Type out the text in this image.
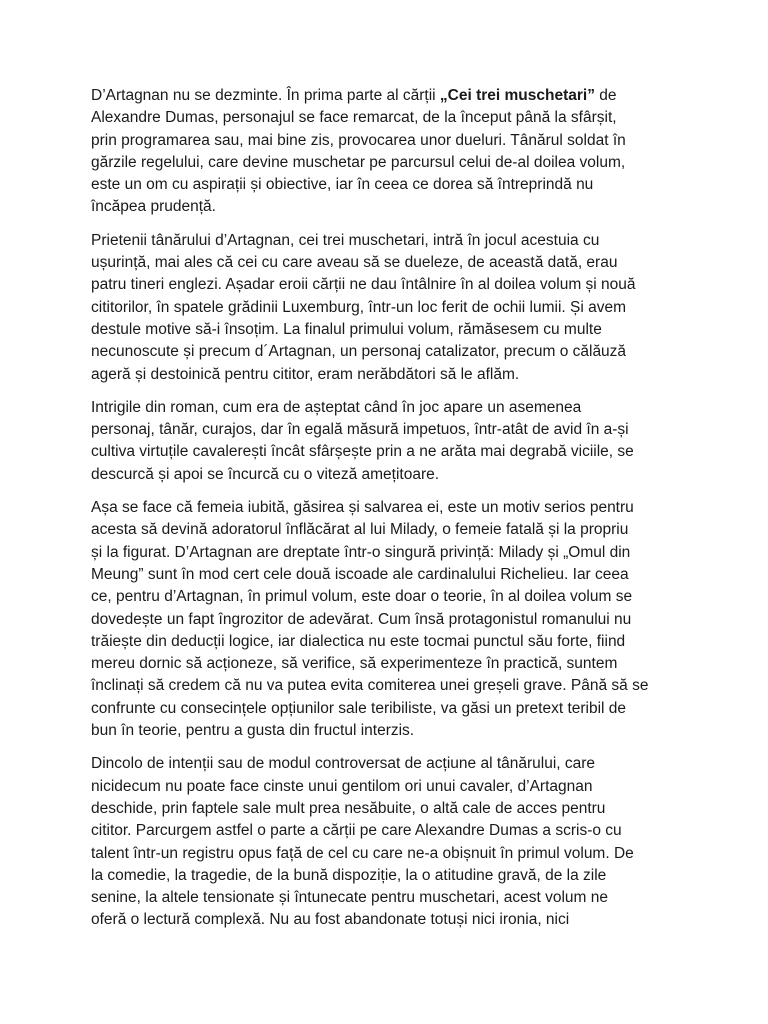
D’Artagnan nu se dezminte. În prima parte al cărții „Cei trei muschetari” de
Alexandre Dumas, personajul se face remarcat, de la început până la sfârșit,
prin programarea sau, mai bine zis, provocarea unor dueluri. Tânărul soldat în
gărzile regelului, care devine muschetar pe parcursul celui de-al doilea volum,
este un om cu aspirații și obiective, iar în ceea ce dorea să întreprindă nu
încăpea prudență.

Prietenii tânărului d’Artagnan, cei trei muschetari, intră în jocul acestuia cu
ușurință, mai ales că cei cu care aveau să se dueleze, de această dată, erau
patru tineri englezi. Așadar eroii cărții ne dau întâlnire în al doilea volum și nouă
cititorilor, în spatele grădinii Luxemburg, într-un loc ferit de ochii lumii. Și avem
destule motive să-i însoțim. La finalul primului volum, rămăsesem cu multe
necunoscute și precum d´Artagnan, un personaj catalizator, precum o călăuză
ageră și destoinică pentru cititor, eram nerăbdători să le aflăm.

Intrigile din roman, cum era de așteptat când în joc apare un asemenea
personaj, tânăr, curajos, dar în egală măsură impetuos, într-atât de avid în a-și
cultiva virtuțile cavalerești încât sfârșește prin a ne arăta mai degrabă viciile, se
descurcă și apoi se încurcă cu o viteză amețitoare.

Așa se face că femeia iubită, găsirea și salvarea ei, este un motiv serios pentru
acesta să devină adoratorul înflăcărat al lui Milady, o femeie fatală și la propriu
și la figurat. D’Artagnan are dreptate într-o singură privință: Milady și „Omul din
Meung” sunt în mod cert cele două iscoade ale cardinalului Richelieu. Iar ceea
ce, pentru d’Artagnan, în primul volum, este doar o teorie, în al doilea volum se
dovedește un fapt îngrozitor de adevărat. Cum însă protagonistul romanului nu
trăiește din deducții logice, iar dialectica nu este tocmai punctul său forte, fiind
mereu dornic să acționeze, să verifice, să experimenteze în practică, suntem
înclinați să credem că nu va putea evita comiterea unei greșeli grave. Până să se
confrunte cu consecințele opțiunilor sale teribiliste, va găsi un pretext teribil de
bun în teorie, pentru a gusta din fructul interzis.

Dincolo de intenții sau de modul controversat de acțiune al tânărului, care
nicidecum nu poate face cinste unui gentilom ori unui cavaler, d’Artagnan
deschide, prin faptele sale mult prea nesăbuite, o altă cale de acces pentru
cititor. Parcurgem astfel o parte a cărții pe care Alexandre Dumas a scris-o cu
talent într-un registru opus față de cel cu care ne-a obișnuit în primul volum. De
la comedie, la tragedie, de la bună dispoziție, la o atitudine gravă, de la zile
senine, la altele tensionate și întunecate pentru muschetari, acest volum ne
oferă o lectură complexă. Nu au fost abandonate totuși nici ironia, nici
